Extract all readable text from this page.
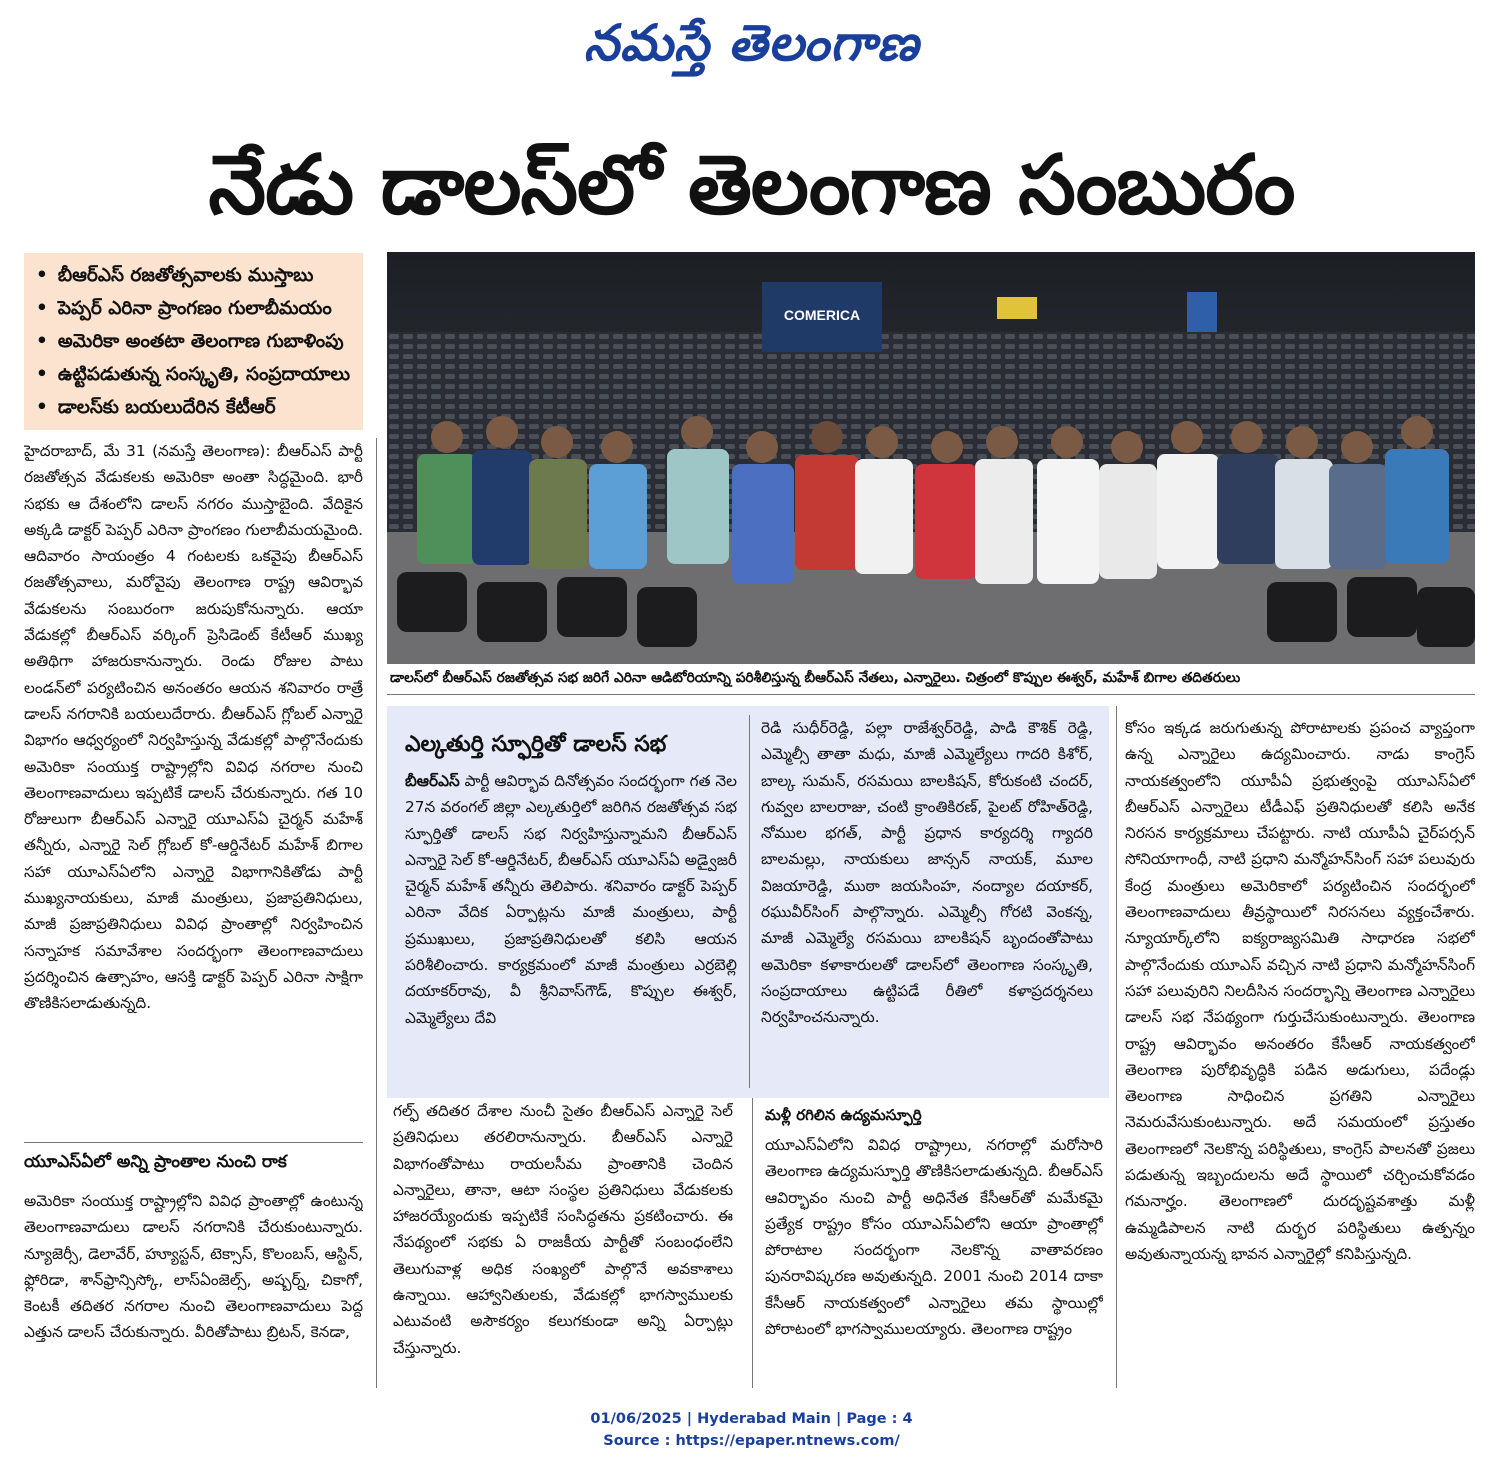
నమస్తే తెలంగాణ
నేడు డాలస్‌లో తెలంగాణ సంబురం
• బీఆర్ఎస్ రజతోత్సవాలకు ముస్తాబు
• పెప్పర్ ఎరినా ప్రాంగణం గులాబీమయం
• అమెరికా అంతటా తెలంగాణ గుబాళింపు
• ఉట్టిపడుతున్న సంస్కృతి, సంప్రదాయాలు
• డాలస్‌కు బయలుదేరిన కేటీఆర్

హైదరాబాద్, మే 31 (నమస్తే తెలంగాణ): బీఆర్ఎస్ పార్టీ రజతోత్సవ వేడుకలకు అమెరికా అంతా సిద్ధమైంది. భారీ సభకు ఆ దేశంలోని డాలస్ నగరం ముస్తాబైంది. వేదికైన అక్కడి డాక్టర్ పెప్పర్ ఎరినా ప్రాంగణం గులాబీమయమైంది. ఆదివారం సాయంత్రం 4 గంటలకు ఒకవైపు బీఆర్ఎస్ రజతోత్సవాలు, మరోవైపు తెలంగాణ రాష్ట్ర ఆవిర్భావ వేడుకలను సంబురంగా జరుపుకోనున్నారు. ఆయా వేడుకల్లో బీఆర్ఎస్ వర్కింగ్ ప్రెసిడెంట్ కేటీఆర్ ముఖ్య అతిథిగా హాజరుకానున్నారు. రెండు రోజుల పాటు లండన్‌లో పర్యటించిన అనంతరం ఆయన శనివారం రాత్రే డాలస్ నగరానికి బయలుదేరారు. బీఆర్ఎస్ గ్లోబల్ ఎన్నారై విభాగం ఆధ్వర్యంలో నిర్వహిస్తున్న వేడుకల్లో పాల్గొనేందుకు అమెరికా సంయుక్త రాష్ట్రాల్లోని వివిధ నగరాల నుంచి తెలంగాణవాదులు ఇప్పటికే డాలస్ చేరుకున్నారు. గత 10 రోజులుగా బీఆర్ఎస్ ఎన్నారై యూఎస్ఏ చైర్మన్ మహేశ్ తన్నీరు, ఎన్నారై సెల్ గ్లోబల్ కో-ఆర్డినేటర్ మహేశ్ బిగాల సహా యూఎస్ఏలోని ఎన్నారై విభాగానికితోడు పార్టీ ముఖ్యనాయకులు, మాజీ మంత్రులు, ప్రజాప్రతినిధులు, మాజీ ప్రజాప్రతినిధులు వివిధ ప్రాంతాల్లో నిర్వహించిన సన్నాహక సమావేశాల సందర్భంగా తెలంగాణవాదులు ప్రదర్శించిన ఉత్సాహం, ఆసక్తి డాక్టర్ పెప్పర్ ఎరినా సాక్షిగా తొణికిసలాడుతున్నది.

యూఎస్ఏలో అన్ని ప్రాంతాల నుంచి రాక

అమెరికా సంయుక్త రాష్ట్రాల్లోని వివిధ ప్రాంతాల్లో ఉంటున్న తెలంగాణవాదులు డాలస్ నగరానికి చేరుకుంటున్నారు. న్యూజెర్సీ, డెలావేర్, హ్యూస్టన్, టెక్సాస్, కొలంబస్, ఆస్టిన్, ఫ్లోరిడా, శాన్‌ఫ్రాన్సిస్కో, లాస్‌ఏంజెల్స్, అష్బర్న్, చికాగో, కెంటకీ తదితర నగరాల నుంచి తెలంగాణవాదులు పెద్ద ఎత్తున డాలస్ చేరుకున్నారు. వీరితోపాటు బ్రిటన్, కెనడా,

COMERICA
డాలస్‌లో బీఆర్ఎస్ రజతోత్సవ సభ జరిగే ఎరినా ఆడిటోరియాన్ని పరిశీలిస్తున్న బీఆర్ఎస్ నేతలు, ఎన్నారైలు. చిత్రంలో కొప్పుల ఈశ్వర్, మహేశ్ బిగాల తదితరులు
ఎల్కతుర్తి స్ఫూర్తితో డాలస్ సభ

బీఆర్ఎస్ పార్టీ ఆవిర్భావ దినోత్సవం సందర్భంగా గత నెల 27న వరంగల్ జిల్లా ఎల్కతుర్తిలో జరిగిన రజతోత్సవ సభ స్ఫూర్తితో డాలస్ సభ నిర్వహిస్తున్నామని బీఆర్ఎస్ ఎన్నారై సెల్ కో-ఆర్డినేటర్, బీఆర్ఎస్ యూఎస్ఏ అడ్వైజరీ చైర్మన్ మహేశ్ తన్నీరు తెలిపారు. శనివారం డాక్టర్ పెప్పర్ ఎరినా వేదిక ఏర్పాట్లను మాజీ మంత్రులు, పార్టీ ప్రముఖులు, ప్రజాప్రతినిధులతో కలిసి ఆయన పరిశీలించారు. కార్యక్రమంలో మాజీ మంత్రులు ఎర్రబెల్లి దయాకర్‌రావు, వీ శ్రీనివాస్‌గౌడ్, కొప్పుల ఈశ్వర్, ఎమ్మెల్యేలు దేవి

రెడి సుధీర్‌రెడ్డి, పల్లా రాజేశ్వర్‌రెడ్డి, పాడి కౌశిక్ రెడ్డి, ఎమ్మెల్సీ తాతా మధు, మాజీ ఎమ్మెల్యేలు గాదరి కిశోర్, బాల్క సుమన్, రసమయి బాలకిషన్, కోరుకంటి చందర్, గువ్వల బాలరాజు, చంటి క్రాంతికిరణ్, పైలట్ రోహిత్‌రెడ్డి, నోముల భగత్, పార్టీ ప్రధాన కార్యదర్శి గ్యాదరి బాలమల్లు, నాయకులు జాన్సన్ నాయక్, మూల విజయారెడ్డి, ముఠా జయసింహ, నంద్యాల దయాకర్, రఘువీర్‌సింగ్ పాల్గొన్నారు. ఎమ్మెల్సీ గోరటి వెంకన్న, మాజీ ఎమ్మెల్యే రసమయి బాలకిషన్ బృందంతోపాటు అమెరికా కళాకారులతో డాలస్‌లో తెలంగాణ సంస్కృతి, సంప్రదాయాలు ఉట్టిపడే రీతిలో కళాప్రదర్శనలు నిర్వహించనున్నారు.

కోసం ఇక్కడ జరుగుతున్న పోరాటాలకు ప్రపంచ వ్యాప్తంగా ఉన్న ఎన్నారైలు ఉద్యమించారు. నాడు కాంగ్రెస్ నాయకత్వంలోని యూపీఏ ప్రభుత్వంపై యూఎస్ఏలో బీఆర్ఎస్ ఎన్నారైలు టీడీఎఫ్ ప్రతినిధులతో కలిసి అనేక నిరసన కార్యక్రమాలు చేపట్టారు. నాటి యూపీఏ చైర్‌పర్సన్ సోనియాగాంధీ, నాటి ప్రధాని మన్మోహన్‌సింగ్ సహా పలువురు కేంద్ర మంత్రులు అమెరికాలో పర్యటించిన సందర్భంలో తెలంగాణవాదులు తీవ్రస్థాయిలో నిరసనలు వ్యక్తంచేశారు. న్యూయార్క్‌లోని ఐక్యరాజ్యసమితి సాధారణ సభలో పాల్గొనేందుకు యూఎస్ వచ్చిన నాటి ప్రధాని మన్మోహన్‌సింగ్ సహా పలువురిని నిలదీసిన సందర్భాన్ని తెలంగాణ ఎన్నారైలు డాలస్ సభ నేపథ్యంగా గుర్తుచేసుకుంటున్నారు. తెలంగాణ రాష్ట్ర ఆవిర్భావం అనంతరం కేసీఆర్ నాయకత్వంలో తెలంగాణ పురోభివృద్ధికి పడిన అడుగులు, పదేండ్లు తెలంగాణ సాధించిన ప్రగతిని ఎన్నారైలు నెమరువేసుకుంటున్నారు. అదే సమయంలో ప్రస్తుతం తెలంగాణలో నెలకొన్న పరిస్థితులు, కాంగ్రెస్ పాలనతో ప్రజలు పడుతున్న ఇబ్బందులను అదే స్థాయిలో చర్చించుకోవడం గమనార్హం. తెలంగాణలో దురదృష్టవశాత్తు మళ్లీ ఉమ్మడిపాలన నాటి దుర్భర పరిస్థితులు ఉత్పన్నం అవుతున్నాయన్న భావన ఎన్నారైల్లో కనిపిస్తున్నది.

గల్ఫ్ తదితర దేశాల నుంచీ సైతం బీఆర్ఎస్ ఎన్నారై సెల్ ప్రతినిధులు తరలిరానున్నారు. బీఆర్ఎస్ ఎన్నారై విభాగంతోపాటు రాయలసీమ ప్రాంతానికి చెందిన ఎన్నారైలు, తానా, ఆటా సంస్థల ప్రతినిధులు వేడుకలకు హాజరయ్యేందుకు ఇప్పటికే సంసిద్ధతను ప్రకటించారు. ఈ నేపథ్యంలో సభకు ఏ రాజకీయ పార్టీతో సంబంధంలేని తెలుగువాళ్ల అధిక సంఖ్యలో పాల్గొనే అవకాశాలు ఉన్నాయి. ఆహ్వానితులకు, వేడుకల్లో భాగస్వాములకు ఎటువంటి అసౌకర్యం కలుగకుండా అన్ని ఏర్పాట్లు చేస్తున్నారు.

మళ్లీ రగిలిన ఉద్యమస్ఫూర్తి

యూఎస్ఏలోని వివిధ రాష్ట్రాలు, నగరాల్లో మరోసారి తెలంగాణ ఉద్యమస్ఫూర్తి తొణికిసలాడుతున్నది. బీఆర్ఎస్ ఆవిర్భావం నుంచి పార్టీ అధినేత కేసీఆర్‌తో మమేకమై ప్రత్యేక రాష్ట్రం కోసం యూఎస్ఏలోని ఆయా ప్రాంతాల్లో పోరాటాల సందర్భంగా నెలకొన్న వాతావరణం పునరావిష్కరణ అవుతున్నది. 2001 నుంచి 2014 దాకా కేసీఆర్ నాయకత్వంలో ఎన్నారైలు తమ స్థాయిల్లో పోరాటంలో భాగస్వాములయ్యారు. తెలంగాణ రాష్ట్రం

01/06/2025 | Hyderabad Main | Page : 4
Source : https://epaper.ntnews.com/
